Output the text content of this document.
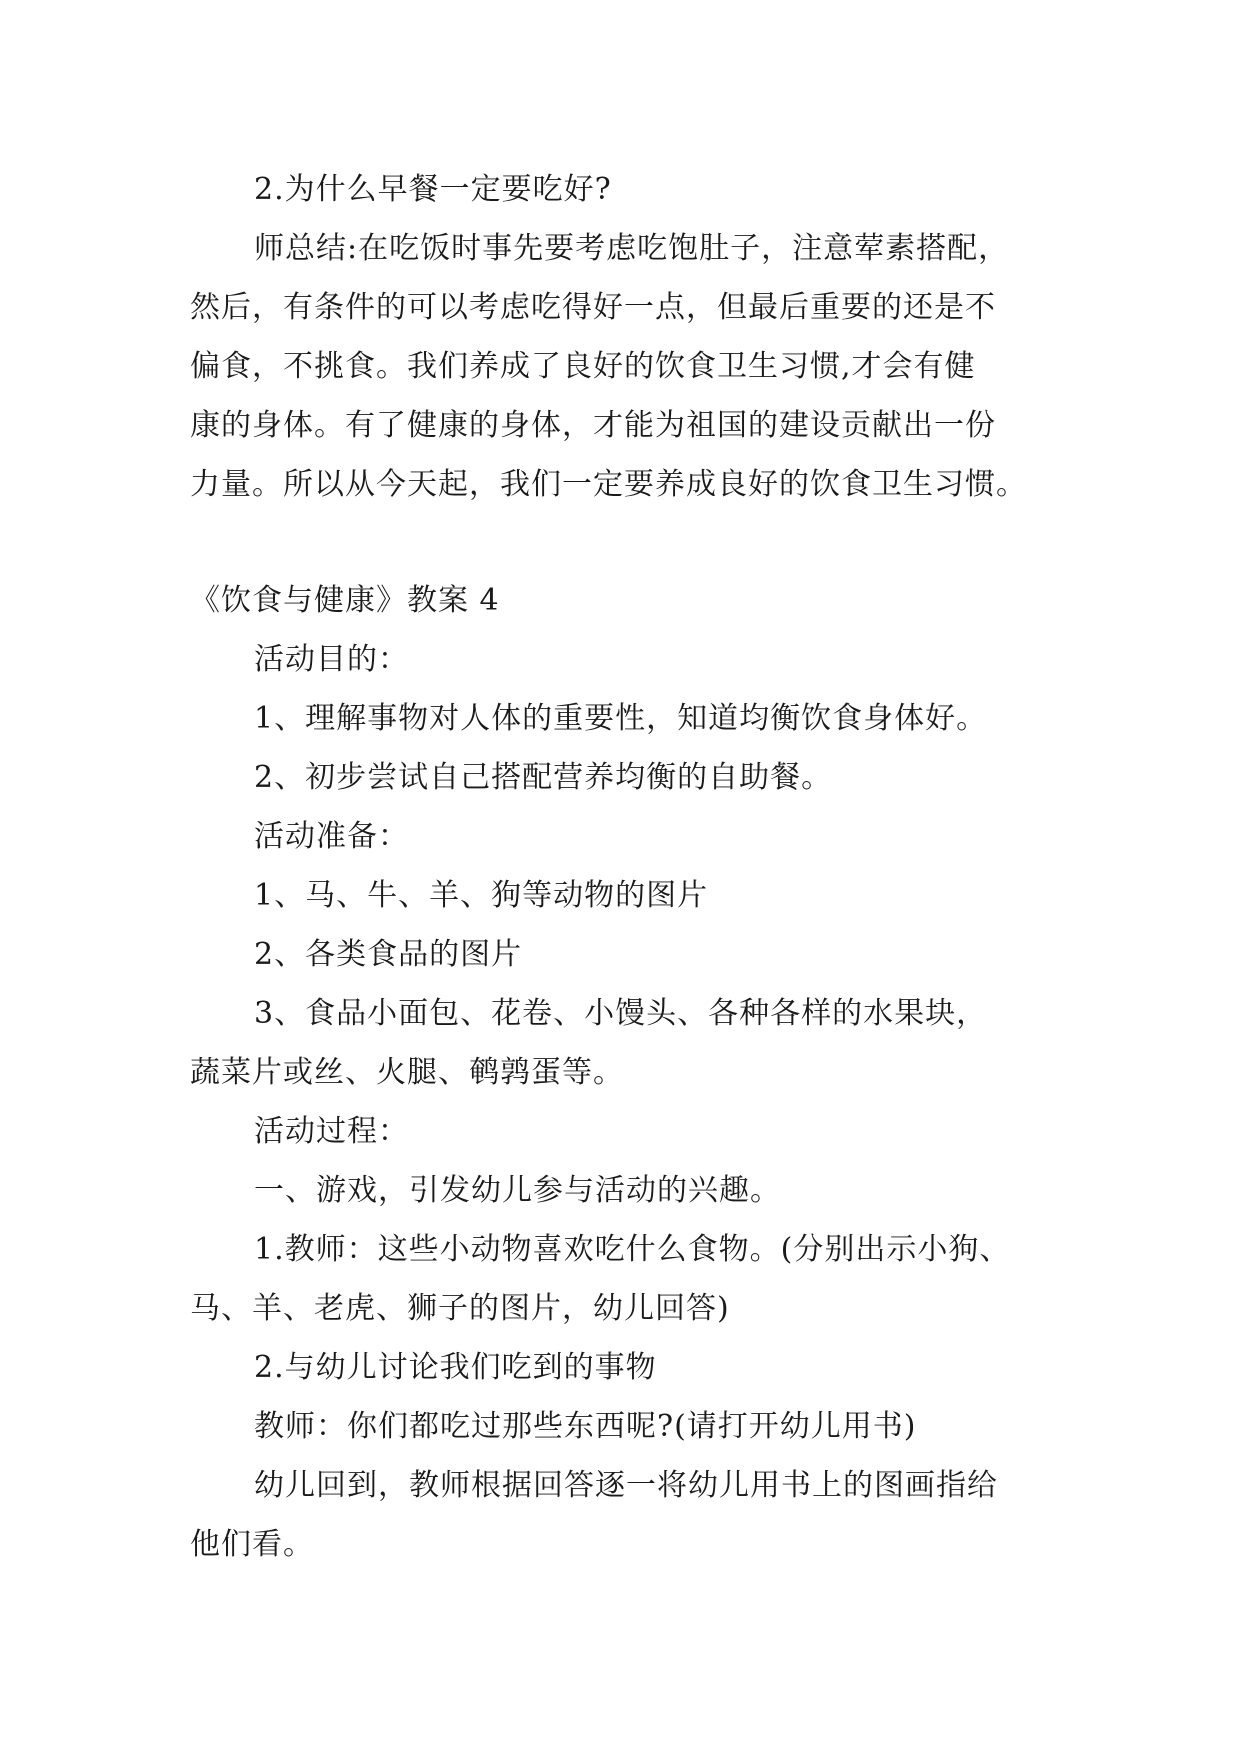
2.为什么早餐一定要吃好?
师总结:在吃饭时事先要考虑吃饱肚子，注意荤素搭配，
然后，有条件的可以考虑吃得好一点，但最后重要的还是不
偏食，不挑食。我们养成了良好的饮食卫生习惯,才会有健
康的身体。有了健康的身体，才能为祖国的建设贡献出一份
力量。所以从今天起，我们一定要养成良好的饮食卫生习惯。
《饮食与健康》教案 4
活动目的：
1、理解事物对人体的重要性，知道均衡饮食身体好。
2、初步尝试自己搭配营养均衡的自助餐。
活动准备：
1、马、牛、羊、狗等动物的图片
2、各类食品的图片
3、食品小面包、花卷、小馒头、各种各样的水果块，
蔬菜片或丝、火腿、鹌鹑蛋等。
活动过程：
一、游戏，引发幼儿参与活动的兴趣。
1.教师：这些小动物喜欢吃什么食物。(分别出示小狗、
马、羊、老虎、狮子的图片，幼儿回答)
2.与幼儿讨论我们吃到的事物
教师：你们都吃过那些东西呢?(请打开幼儿用书)
幼儿回到，教师根据回答逐一将幼儿用书上的图画指给
他们看。
